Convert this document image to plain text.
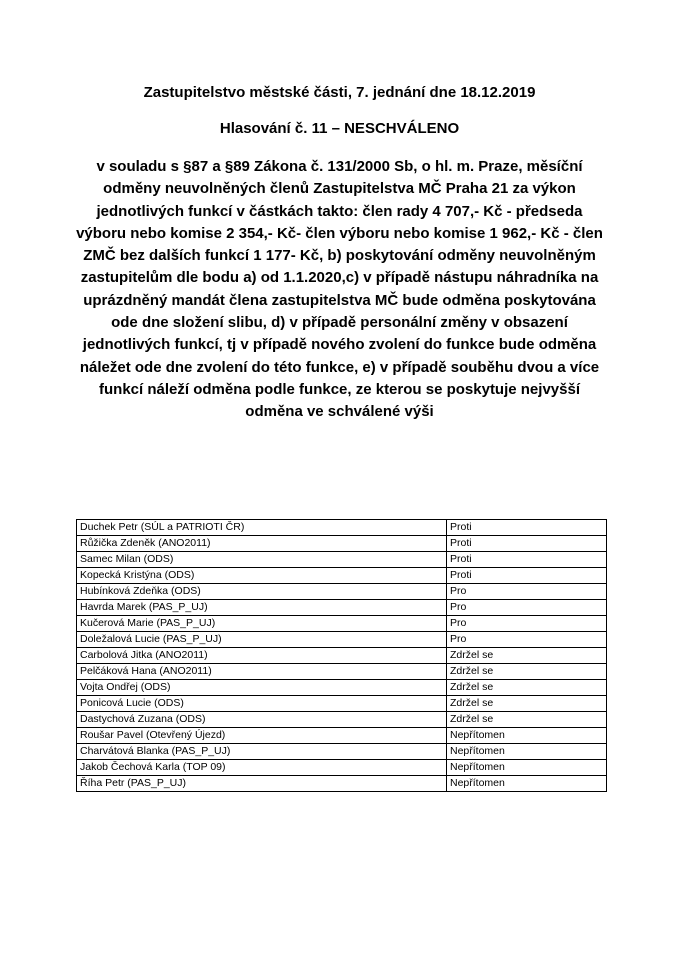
Zastupitelstvo městské části, 7. jednání dne 18.12.2019
Hlasování č. 11 – NESCHVÁLENO
v souladu s §87 a §89 Zákona č. 131/2000 Sb, o hl. m. Praze, měsíční odměny neuvolněných členů Zastupitelstva MČ Praha 21 za výkon jednotlivých funkcí v částkách takto: člen rady 4 707,- Kč - předseda výboru nebo komise 2 354,- Kč- člen výboru nebo komise 1 962,- Kč - člen ZMČ bez dalších funkcí 1 177- Kč, b) poskytování odměny neuvolněným zastupitelům dle bodu a) od 1.1.2020,c) v případě nástupu náhradníka na uprázdněný mandát člena zastupitelstva MČ bude odměna poskytována ode dne složení slibu, d) v případě personální změny v obsazení jednotlivých funkcí, tj v případě nového zvolení do funkce bude odměna náležet ode dne zvolení do této funkce, e) v případě souběhu dvou a více funkcí náleží odměna podle funkce, ze kterou se poskytuje nejvyšší odměna ve schválené výši
Duchek Petr (SÚL a PATRIOTI ČR)	Proti
Růžička Zdeněk (ANO2011)	Proti
Samec Milan (ODS)	Proti
Kopecká Kristýna (ODS)	Proti
Hubínková Zdeňka (ODS)	Pro
Havrda Marek (PAS_P_UJ)	Pro
Kučerová Marie (PAS_P_UJ)	Pro
Doležalová Lucie (PAS_P_UJ)	Pro
Carbolová Jitka (ANO2011)	Zdržel se
Pelčáková Hana (ANO2011)	Zdržel se
Vojta Ondřej (ODS)	Zdržel se
Ponicová Lucie (ODS)	Zdržel se
Dastychová Zuzana (ODS)	Zdržel se
Roušar Pavel (Otevřený Újezd)	Nepřítomen
Charvátová Blanka (PAS_P_UJ)	Nepřítomen
Jakob Čechová Karla (TOP 09)	Nepřítomen
Říha Petr (PAS_P_UJ)	Nepřítomen
